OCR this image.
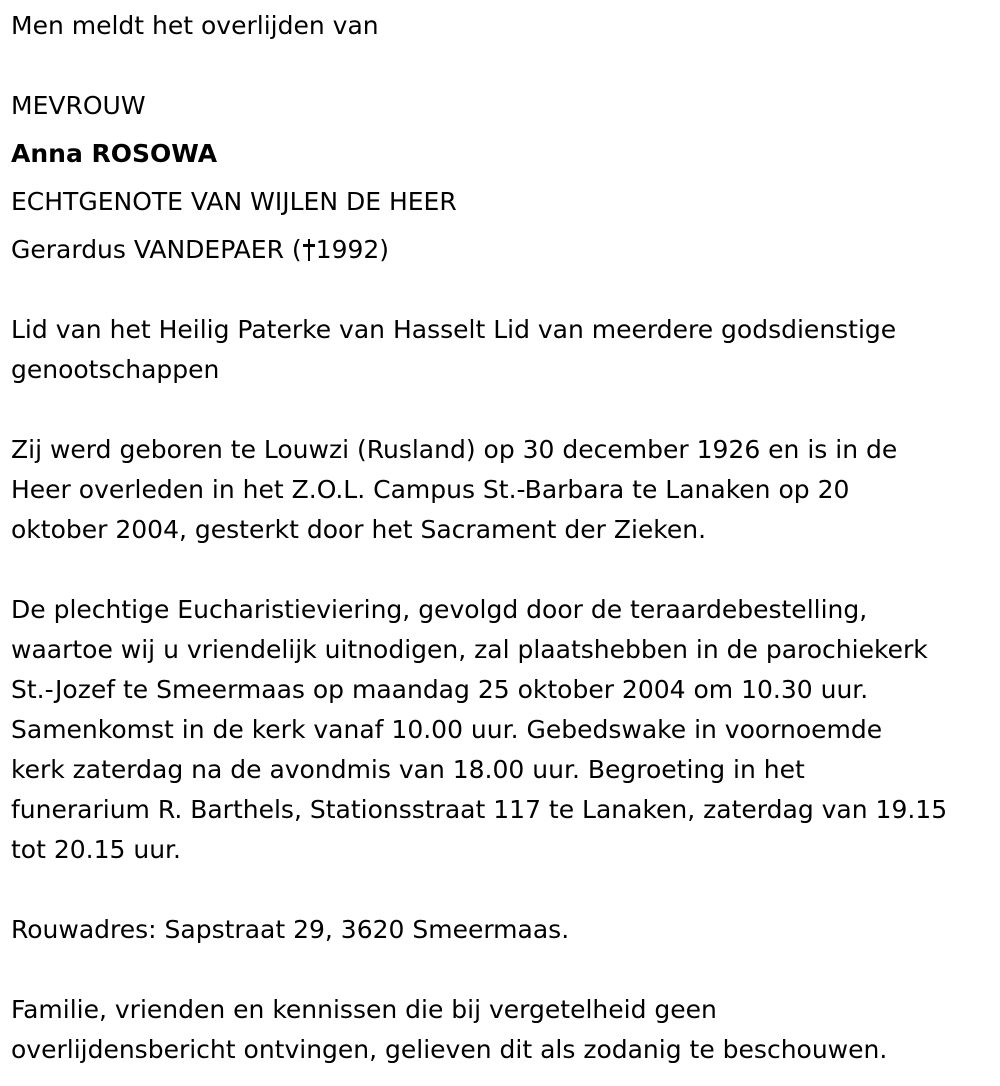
Men meldt het overlijden van
MEVROUW
Anna ROSOWA
ECHTGENOTE VAN WIJLEN DE HEER
Gerardus VANDEPAER ( 1992)
Lid van het Heilig Paterke van Hasselt Lid van meerdere godsdienstige
genootschappen
Zij werd geboren te Louwzi (Rusland) op 30 december 1926 en is in de
Heer overleden in het Z.O.L. Campus St.-Barbara te Lanaken op 20
oktober 2004, gesterkt door het Sacrament der Zieken.
De plechtige Eucharistieviering, gevolgd door de teraardebestelling,
waartoe wij u vriendelijk uitnodigen, zal plaatshebben in de parochiekerk
St.-Jozef te Smeermaas op maandag 25 oktober 2004 om 10.30 uur.
Samenkomst in de kerk vanaf 10.00 uur. Gebedswake in voornoemde
kerk zaterdag na de avondmis van 18.00 uur. Begroeting in het
funerarium R. Barthels, Stationsstraat 117 te Lanaken, zaterdag van 19.15
tot 20.15 uur.
Rouwadres: Sapstraat 29, 3620 Smeermaas.
Familie, vrienden en kennissen die bij vergetelheid geen
overlijdensbericht ontvingen, gelieven dit als zodanig te beschouwen.
